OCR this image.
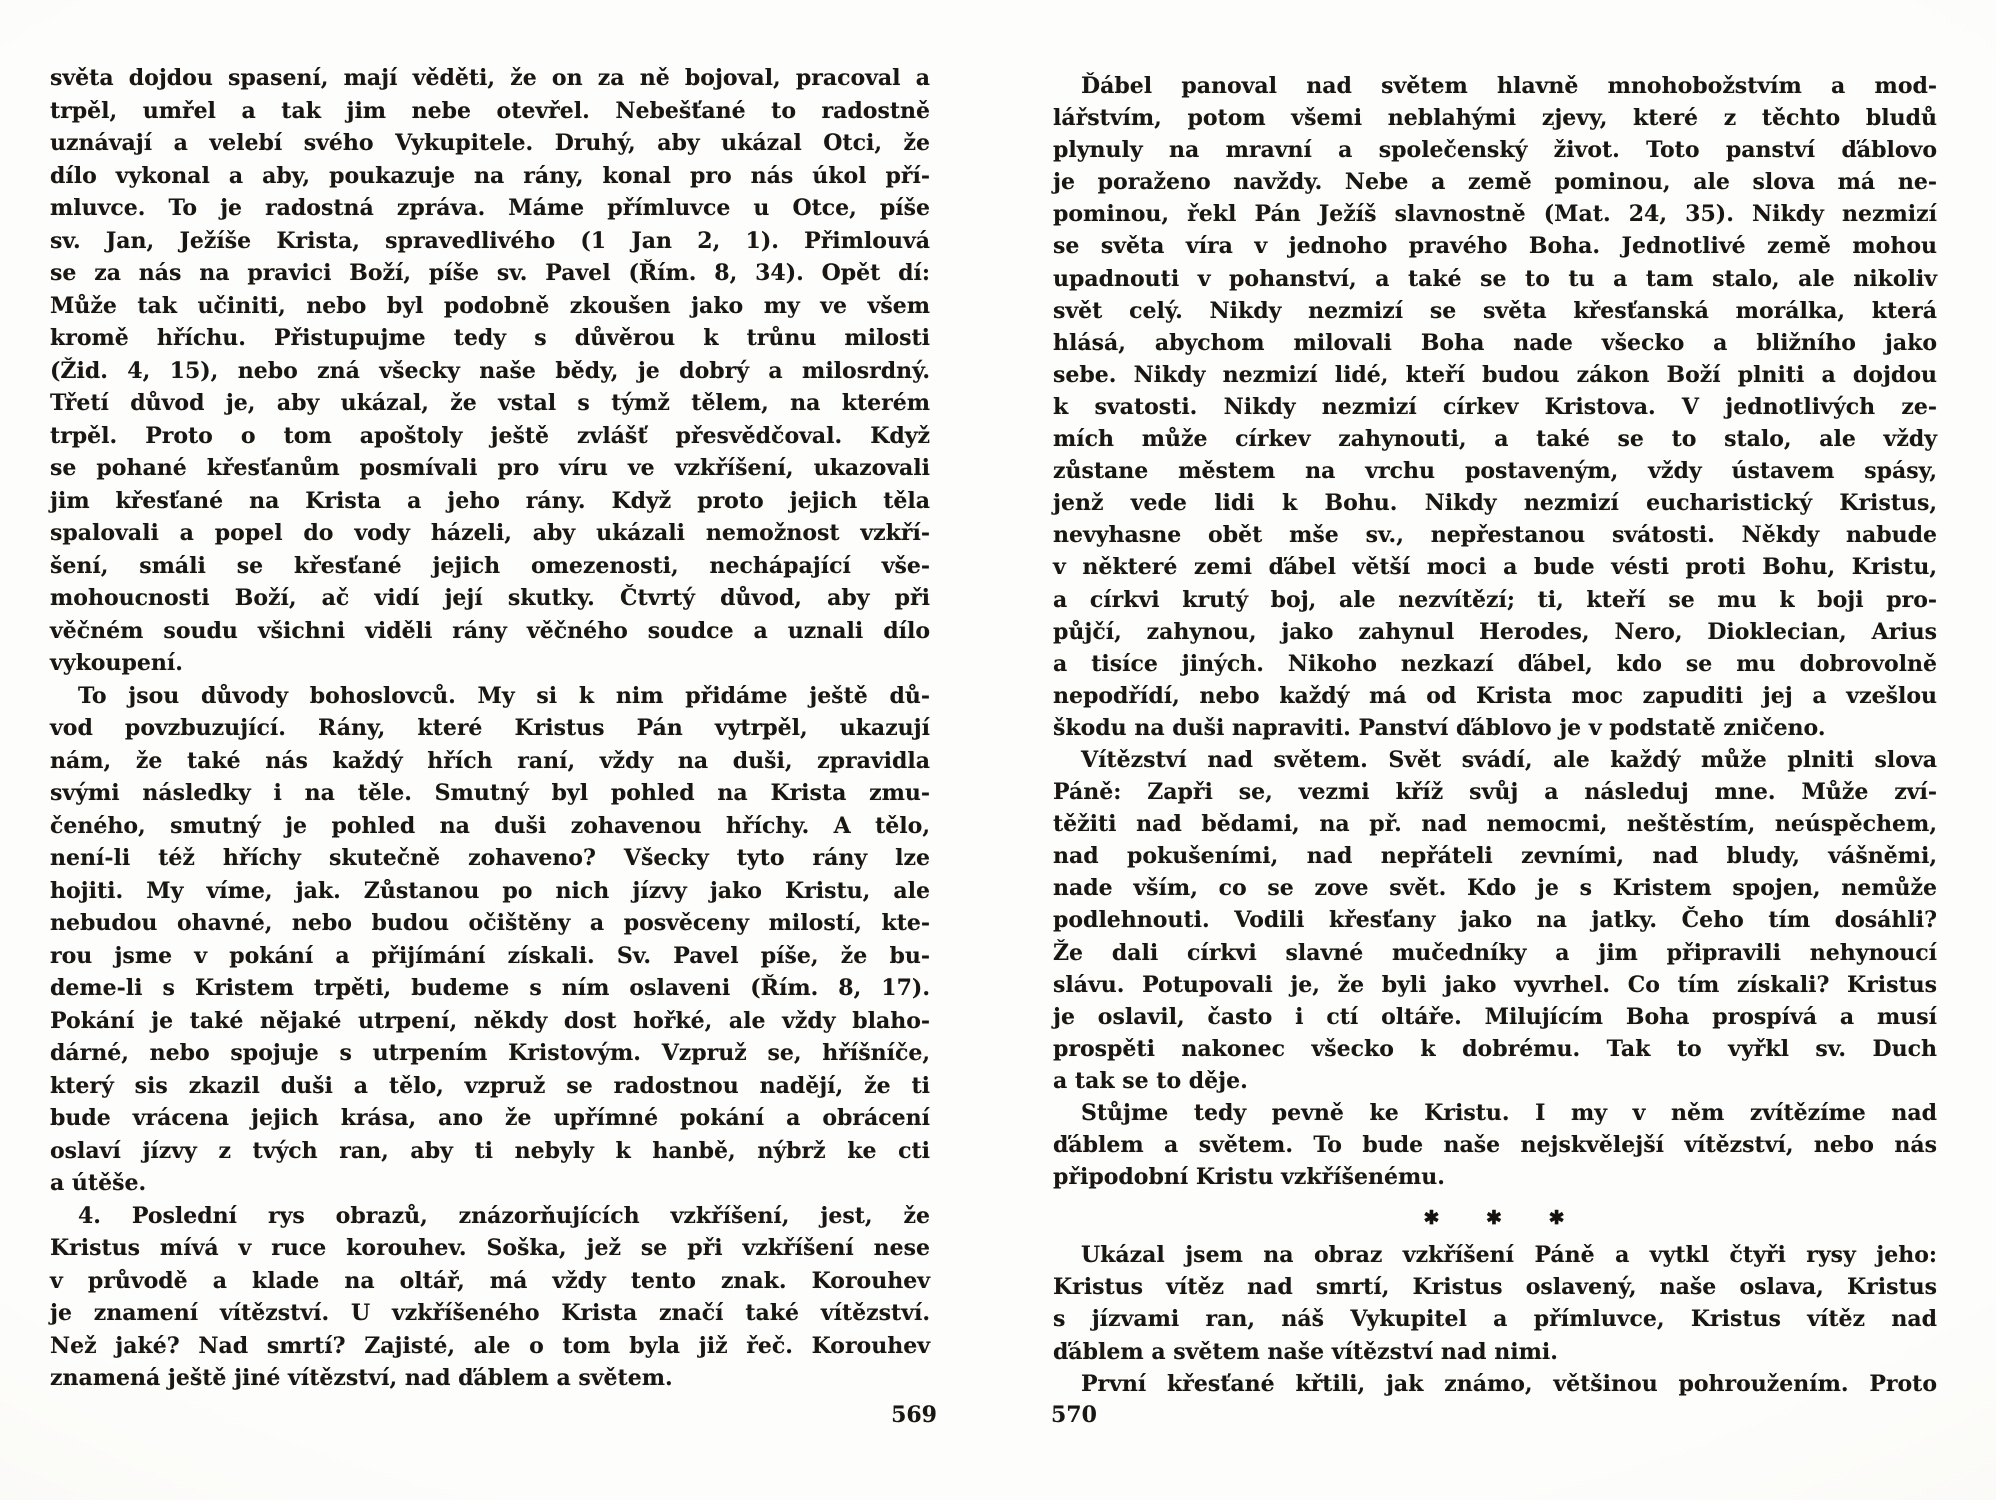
světa dojdou spasení, mají věděti, že on za ně bojoval, pracoval a
trpěl, umřel a tak jim nebe otevřel. Nebešťané to radostně
uznávají a velebí svého Vykupitele. Druhý, aby ukázal Otci, že
dílo vykonal a aby, poukazuje na rány, konal pro nás úkol pří-
mluvce. To je radostná zpráva. Máme přímluvce u Otce, píše
sv. Jan, Ježíše Krista, spravedlivého (1 Jan 2, 1). Přimlouvá
se za nás na pravici Boží, píše sv. Pavel (Řím. 8, 34). Opět dí:
Může tak učiniti, nebo byl podobně zkoušen jako my ve všem
kromě hříchu. Přistupujme tedy s důvěrou k trůnu milosti
(Žid. 4, 15), nebo zná všecky naše bědy, je dobrý a milosrdný.
Třetí důvod je, aby ukázal, že vstal s týmž tělem, na kterém
trpěl. Proto o tom apoštoly ještě zvlášť přesvědčoval. Když
se pohané křesťanům posmívali pro víru ve vzkříšení, ukazovali
jim křesťané na Krista a jeho rány. Když proto jejich těla
spalovali a popel do vody házeli, aby ukázali nemožnost vzkří-
šení, smáli se křesťané jejich omezenosti, nechápající vše-
mohoucnosti Boží, ač vidí její skutky. Čtvrtý důvod, aby při
věčném soudu všichni viděli rány věčného soudce a uznali dílo
vykoupení.
To jsou důvody bohoslovců. My si k nim přidáme ještě dů-
vod povzbuzující. Rány, které Kristus Pán vytrpěl, ukazují
nám, že také nás každý hřích raní, vždy na duši, zpravidla
svými následky i na těle. Smutný byl pohled na Krista zmu-
čeného, smutný je pohled na duši zohavenou hříchy. A tělo,
není-li též hříchy skutečně zohaveno? Všecky tyto rány lze
hojiti. My víme, jak. Zůstanou po nich jízvy jako Kristu, ale
nebudou ohavné, nebo budou očištěny a posvěceny milostí, kte-
rou jsme v pokání a přijímání získali. Sv. Pavel píše, že bu-
deme-li s Kristem trpěti, budeme s ním oslaveni (Řím. 8, 17).
Pokání je také nějaké utrpení, někdy dost hořké, ale vždy blaho-
dárné, nebo spojuje s utrpením Kristovým. Vzpruž se, hříšníče,
který sis zkazil duši a tělo, vzpruž se radostnou nadějí, že ti
bude vrácena jejich krása, ano že upřímné pokání a obrácení
oslaví jízvy z tvých ran, aby ti nebyly k hanbě, nýbrž ke cti
a útěše.
4. Poslední rys obrazů, znázorňujících vzkříšení, jest, že
Kristus mívá v ruce korouhev. Soška, jež se při vzkříšení nese
v průvodě a klade na oltář, má vždy tento znak. Korouhev
je znamení vítězství. U vzkříšeného Krista značí také vítězství.
Než jaké? Nad smrtí? Zajisté, ale o tom byla již řeč. Korouhev
znamená ještě jiné vítězství, nad ďáblem a světem.
Ďábel panoval nad světem hlavně mnohobožstvím a mod-
lářstvím, potom všemi neblahými zjevy, které z těchto bludů
plynuly na mravní a společenský život. Toto panství ďáblovo
je poraženo navždy. Nebe a země pominou, ale slova má ne-
pominou, řekl Pán Ježíš slavnostně (Mat. 24, 35). Nikdy nezmizí
se světa víra v jednoho pravého Boha. Jednotlivé země mohou
upadnouti v pohanství, a také se to tu a tam stalo, ale nikoliv
svět celý. Nikdy nezmizí se světa křesťanská morálka, která
hlásá, abychom milovali Boha nade všecko a bližního jako
sebe. Nikdy nezmizí lidé, kteří budou zákon Boží plniti a dojdou
k svatosti. Nikdy nezmizí církev Kristova. V jednotlivých ze-
mích může církev zahynouti, a také se to stalo, ale vždy
zůstane městem na vrchu postaveným, vždy ústavem spásy,
jenž vede lidi k Bohu. Nikdy nezmizí eucharistický Kristus,
nevyhasne obět mše sv., nepřestanou svátosti. Někdy nabude
v některé zemi ďábel větší moci a bude vésti proti Bohu, Kristu,
a církvi krutý boj, ale nezvítězí; ti, kteří se mu k boji pro-
půjčí, zahynou, jako zahynul Herodes, Nero, Dioklecian, Arius
a tisíce jiných. Nikoho nezkazí ďábel, kdo se mu dobrovolně
nepodřídí, nebo každý má od Krista moc zapuditi jej a vzešlou
škodu na duši napraviti. Panství ďáblovo je v podstatě zničeno.
Vítězství nad světem. Svět svádí, ale každý může plniti slova
Páně: Zapři se, vezmi kříž svůj a následuj mne. Může zví-
těžiti nad bědami, na př. nad nemocmi, neštěstím, neúspěchem,
nad pokušeními, nad nepřáteli zevními, nad bludy, vášněmi,
nade vším, co se zove svět. Kdo je s Kristem spojen, nemůže
podlehnouti. Vodili křesťany jako na jatky. Čeho tím dosáhli?
Že dali církvi slavné mučedníky a jim připravili nehynoucí
slávu. Potupovali je, že byli jako vyvrhel. Co tím získali? Kristus
je oslavil, často i ctí oltáře. Milujícím Boha prospívá a musí
prospěti nakonec všecko k dobrému. Tak to vyřkl sv. Duch
a tak se to děje.
Stůjme tedy pevně ke Kristu. I my v něm zvítězíme nad
ďáblem a světem. To bude naše nejskvělejší vítězství, nebo nás
připodobní Kristu vzkříšenému.
✱ ✱ ✱
Ukázal jsem na obraz vzkříšení Páně a vytkl čtyři rysy jeho:
Kristus vítěz nad smrtí, Kristus oslavený, naše oslava, Kristus
s jízvami ran, náš Vykupitel a přímluvce, Kristus vítěz nad
ďáblem a světem naše vítězství nad nimi.
První křesťané křtili, jak známo, většinou pohroužením. Proto
569	570
